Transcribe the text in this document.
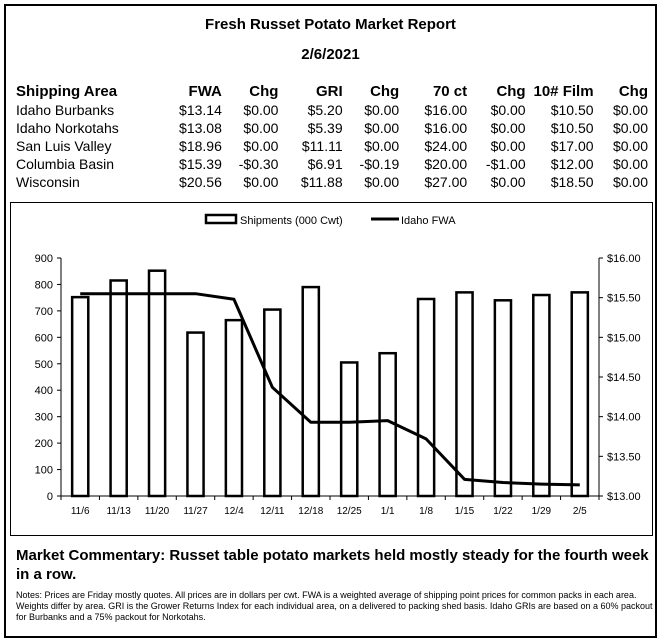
Fresh Russet Potato Market Report
2/6/2021
Shipping Area	FWA	Chg	GRI	Chg	70 ct	Chg	10# Film	Chg
Idaho Burbanks	$13.14	$0.00	$5.20	$0.00	$16.00	$0.00	$10.50	$0.00
Idaho Norkotahs	$13.08	$0.00	$5.39	$0.00	$16.00	$0.00	$10.50	$0.00
San Luis Valley	$18.96	$0.00	$11.11	$0.00	$24.00	$0.00	$17.00	$0.00
Columbia Basin	$15.39	-$0.30	$6.91	-$0.19	$20.00	-$1.00	$12.00	$0.00
Wisconsin	$20.56	$0.00	$11.88	$0.00	$27.00	$0.00	$18.50	$0.00
0
100
200
300
400
500
600
700
800
900
$13.00
$13.50
$14.00
$14.50
$15.00
$15.50
$16.00
11/6 11/13 11/20 11/27 12/4 12/11 12/18 12/25 1/1 1/8 1/15 1/22 1/29 2/5
Shipments (000 Cwt)	Idaho FWA
Market Commentary: Russet table potato markets held mostly steady for the fourth week in a row.
Notes: Prices are Friday mostly quotes. All prices are in dollars per cwt. FWA is a weighted average of shipping point prices for common packs in each area. Weights differ by area. GRI is the Grower Returns Index for each individual area, on a delivered to packing shed basis. Idaho GRIs are based on a 60% packout for Burbanks and a 75% packout for Norkotahs.
